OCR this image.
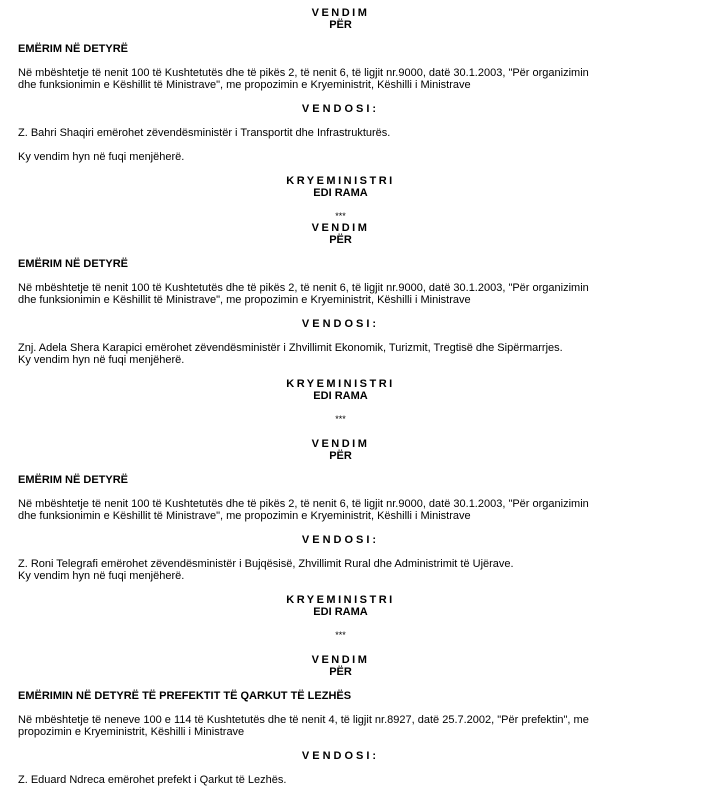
VENDIM
PËR
EMËRIM NË DETYRË
Në mbështetje të nenit 100 të Kushtetutës dhe të pikës 2, të nenit 6, të ligjit nr.9000, datë 30.1.2003, "Për organizimin
dhe funksionimin e Këshillit të Ministrave", me propozimin e Kryeministrit, Këshilli i Ministrave
VENDOSI:
Z. Bahri Shaqiri emërohet zëvendësministër i Transportit dhe Infrastrukturës.
Ky vendim hyn në fuqi menjëherë.
KRYEMINISTRI
EDI RAMA
***
VENDIM
PËR
EMËRIM NË DETYRË
Në mbështetje të nenit 100 të Kushtetutës dhe të pikës 2, të nenit 6, të ligjit nr.9000, datë 30.1.2003, "Për organizimin
dhe funksionimin e Këshillit të Ministrave", me propozimin e Kryeministrit, Këshilli i Ministrave
VENDOSI:
Znj. Adela Shera Karapici emërohet zëvendësministër i Zhvillimit Ekonomik, Turizmit, Tregtisë dhe Sipërmarrjes.
Ky vendim hyn në fuqi menjëherë.
KRYEMINISTRI
EDI RAMA
***
VENDIM
PËR
EMËRIM NË DETYRË
Në mbështetje të nenit 100 të Kushtetutës dhe të pikës 2, të nenit 6, të ligjit nr.9000, datë 30.1.2003, "Për organizimin
dhe funksionimin e Këshillit të Ministrave", me propozimin e Kryeministrit, Këshilli i Ministrave
VENDOSI:
Z. Roni Telegrafi emërohet zëvendësministër i Bujqësisë, Zhvillimit Rural dhe Administrimit të Ujërave.
Ky vendim hyn në fuqi menjëherë.
KRYEMINISTRI
EDI RAMA
***
VENDIM
PËR
EMËRIMIN NË DETYRË TË PREFEKTIT TË QARKUT TË LEZHËS
Në mbështetje të neneve 100 e 114 të Kushtetutës dhe të nenit 4, të ligjit nr.8927, datë 25.7.2002, "Për prefektin", me
propozimin e Kryeministrit, Këshilli i Ministrave
VENDOSI:
Z. Eduard Ndreca emërohet prefekt i Qarkut të Lezhës.
